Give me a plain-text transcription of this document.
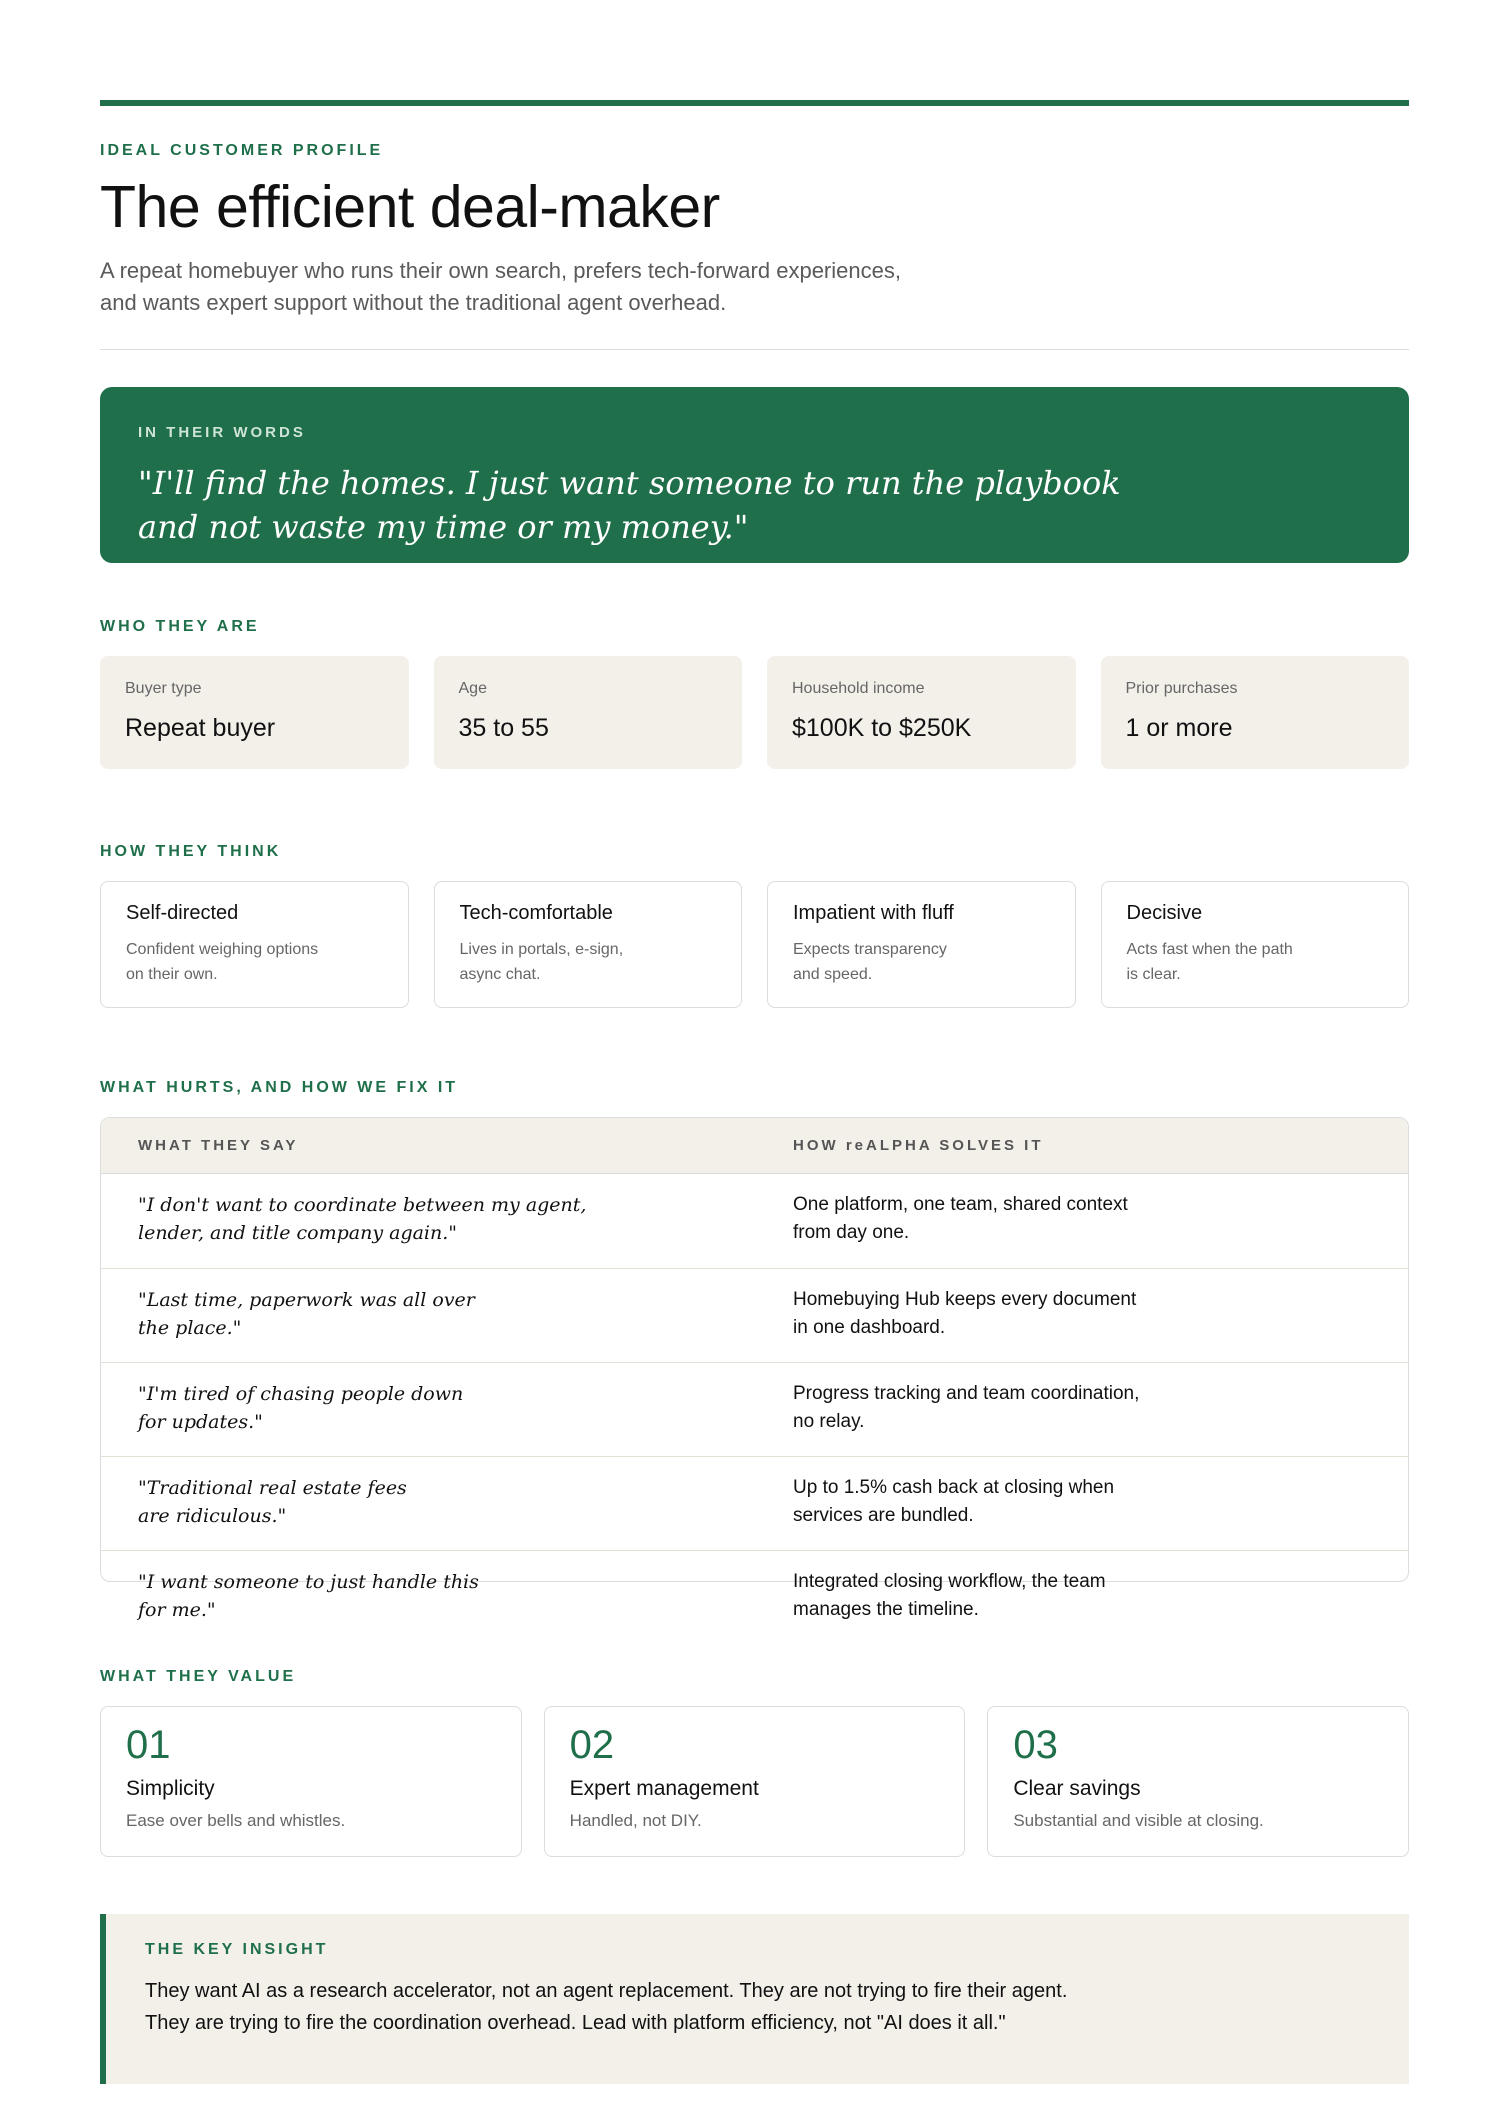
IDEAL CUSTOMER PROFILE
The efficient deal-maker
A repeat homebuyer who runs their own search, prefers tech-forward experiences,
and wants expert support without the traditional agent overhead.
IN THEIR WORDS
"I'll find the homes. I just want someone to run the playbook
and not waste my time or my money."
WHO THEY ARE
Buyer type
Repeat buyer
Age
35 to 55
Household income
$100K to $250K
Prior purchases
1 or more
HOW THEY THINK
Self-directed
Confident weighing options
on their own.
Tech-comfortable
Lives in portals, e-sign,
async chat.
Impatient with fluff
Expects transparency
and speed.
Decisive
Acts fast when the path
is clear.
WHAT HURTS, AND HOW WE FIX IT
WHAT THEY SAY	HOW reALPHA SOLVES IT
"I don't want to coordinate between my agent,
lender, and title company again."
One platform, one team, shared context
from day one.
"Last time, paperwork was all over
the place."
Homebuying Hub keeps every document
in one dashboard.
"I'm tired of chasing people down
for updates."
Progress tracking and team coordination,
no relay.
"Traditional real estate fees
are ridiculous."
Up to 1.5% cash back at closing when
services are bundled.
"I want someone to just handle this
for me."
Integrated closing workflow, the team
manages the timeline.
WHAT THEY VALUE
01
Simplicity
Ease over bells and whistles.
02
Expert management
Handled, not DIY.
03
Clear savings
Substantial and visible at closing.
THE KEY INSIGHT
They want AI as a research accelerator, not an agent replacement. They are not trying to fire their agent.
They are trying to fire the coordination overhead. Lead with platform efficiency, not "AI does it all."
